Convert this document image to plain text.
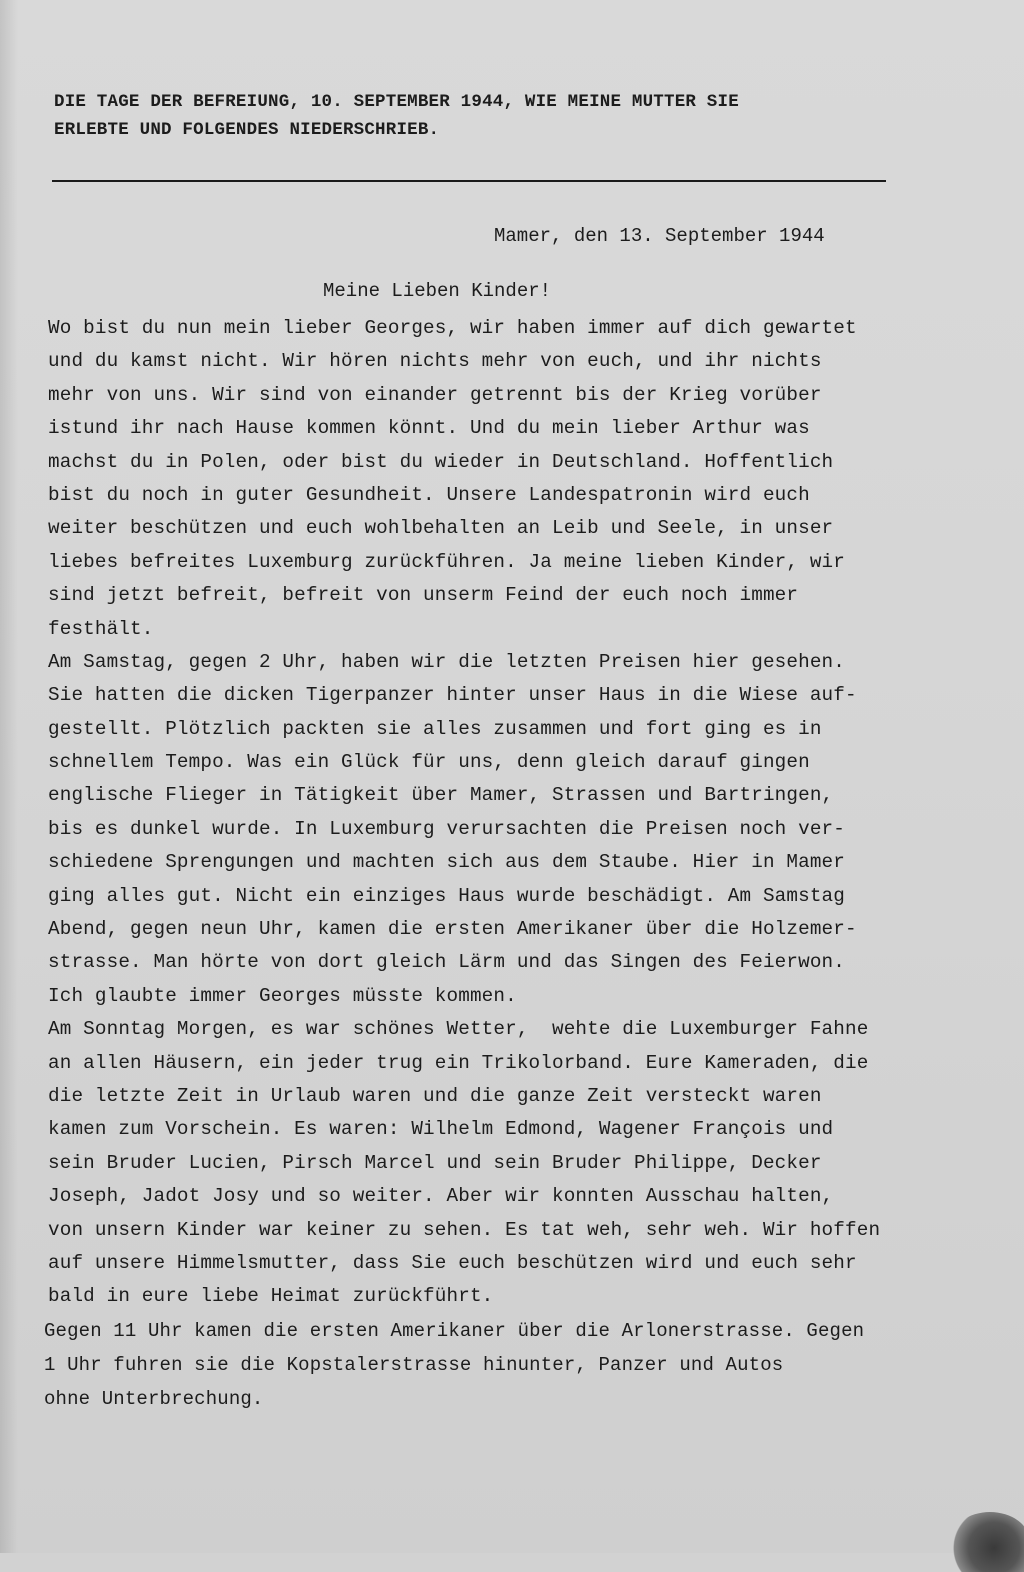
DIE TAGE DER BEFREIUNG, 10. SEPTEMBER 1944, WIE MEINE MUTTER SIE
ERLEBTE UND FOLGENDES NIEDERSCHRIEB.
Mamer, den 13. September 1944
Meine Lieben Kinder!
Wo bist du nun mein lieber Georges, wir haben immer auf dich gewartet
und du kamst nicht. Wir hören nichts mehr von euch, und ihr nichts
mehr von uns. Wir sind von einander getrennt bis der Krieg vorüber
istund ihr nach Hause kommen könnt. Und du mein lieber Arthur was
machst du in Polen, oder bist du wieder in Deutschland. Hoffentlich
bist du noch in guter Gesundheit. Unsere Landespatronin wird euch
weiter beschützen und euch wohlbehalten an Leib und Seele, in unser
liebes befreites Luxemburg zurückführen. Ja meine lieben Kinder, wir
sind jetzt befreit, befreit von unserm Feind der euch noch immer
festhält.
Am Samstag, gegen 2 Uhr, haben wir die letzten Preisen hier gesehen.
Sie hatten die dicken Tigerpanzer hinter unser Haus in die Wiese auf-
gestellt. Plötzlich packten sie alles zusammen und fort ging es in
schnellem Tempo. Was ein Glück für uns, denn gleich darauf gingen
englische Flieger in Tätigkeit über Mamer, Strassen und Bartringen,
bis es dunkel wurde. In Luxemburg verursachten die Preisen noch ver-
schiedene Sprengungen und machten sich aus dem Staube. Hier in Mamer
ging alles gut. Nicht ein einziges Haus wurde beschädigt. Am Samstag
Abend, gegen neun Uhr, kamen die ersten Amerikaner über die Holzemer-
strasse. Man hörte von dort gleich Lärm und das Singen des Feierwon.
Ich glaubte immer Georges müsste kommen.
Am Sonntag Morgen, es war schönes Wetter,  wehte die Luxemburger Fahne
an allen Häusern, ein jeder trug ein Trikolorband. Eure Kameraden, die
die letzte Zeit in Urlaub waren und die ganze Zeit versteckt waren
kamen zum Vorschein. Es waren: Wilhelm Edmond, Wagener François und
sein Bruder Lucien, Pirsch Marcel und sein Bruder Philippe, Decker
Joseph, Jadot Josy und so weiter. Aber wir konnten Ausschau halten,
von unsern Kinder war keiner zu sehen. Es tat weh, sehr weh. Wir hoffen
auf unsere Himmelsmutter, dass Sie euch beschützen wird und euch sehr
bald in eure liebe Heimat zurückführt.
Gegen 11 Uhr kamen die ersten Amerikaner über die Arlonerstrasse. Gegen
1 Uhr fuhren sie die Kopstalerstrasse hinunter, Panzer und Autos
ohne Unterbrechung.
